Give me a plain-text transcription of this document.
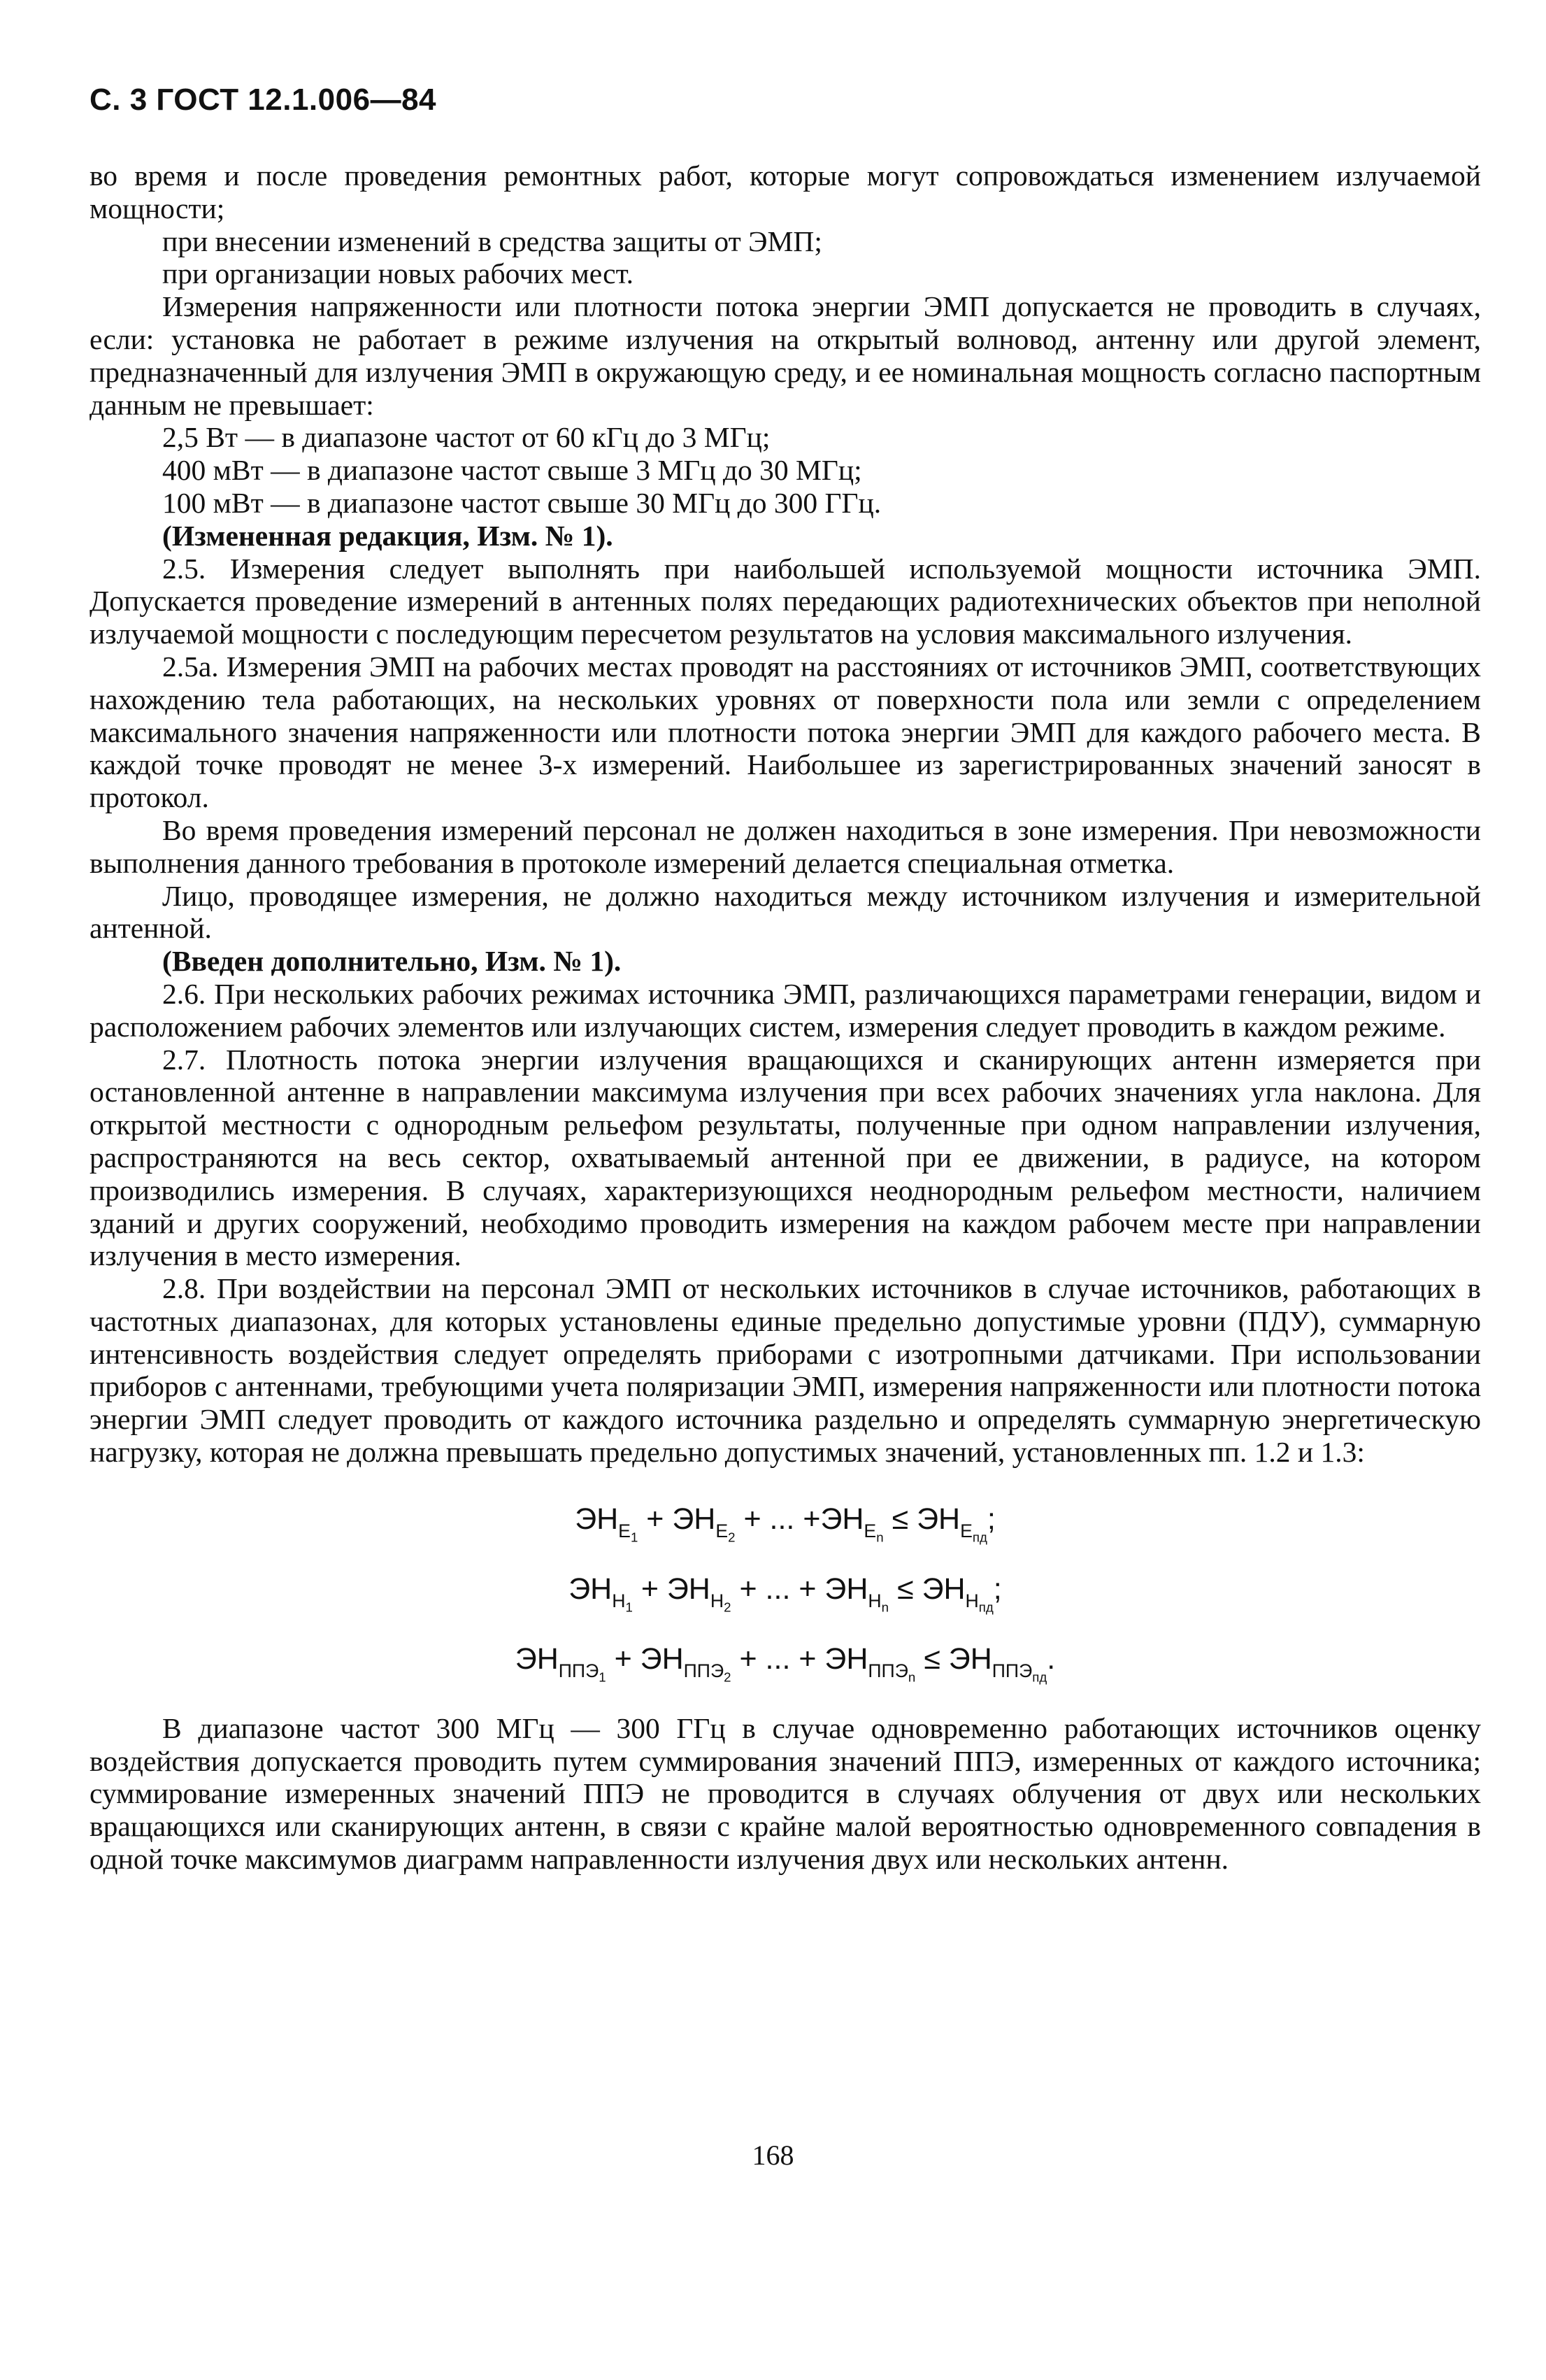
С. 3 ГОСТ 12.1.006—84

во время и после проведения ремонтных работ, которые могут сопровождаться изменением излучаемой мощности;

при внесении изменений в средства защиты от ЭМП;

при организации новых рабочих мест.

Измерения напряженности или плотности потока энергии ЭМП допускается не проводить в случаях, если: установка не работает в режиме излучения на открытый волновод, антенну или другой элемент, предназначенный для излучения ЭМП в окружающую среду, и ее номинальная мощность согласно паспортным данным не превышает:

2,5 Вт — в диапазоне частот от 60 кГц до 3 МГц;

400 мВт — в диапазоне частот свыше 3 МГц до 30 МГц;

100 мВт — в диапазоне частот свыше 30 МГц до 300 ГГц.

(Измененная редакция, Изм. № 1).

2.5. Измерения следует выполнять при наибольшей используемой мощности источника ЭМП. Допускается проведение измерений в антенных полях передающих радиотехнических объектов при неполной излучаемой мощности с последующим пересчетом результатов на условия максимального излучения.

2.5а. Измерения ЭМП на рабочих местах проводят на расстояниях от источников ЭМП, соответствующих нахождению тела работающих, на нескольких уровнях от поверхности пола или земли с определением максимального значения напряженности или плотности потока энергии ЭМП для каждого рабочего места. В каждой точке проводят не менее 3-х измерений. Наибольшее из зарегистрированных значений заносят в протокол.

Во время проведения измерений персонал не должен находиться в зоне измерения. При невозможности выполнения данного требования в протоколе измерений делается специальная отметка.

Лицо, проводящее измерения, не должно находиться между источником излучения и измерительной антенной.

(Введен дополнительно, Изм. № 1).

2.6. При нескольких рабочих режимах источника ЭМП, различающихся параметрами генерации, видом и расположением рабочих элементов или излучающих систем, измерения следует проводить в каждом режиме.

2.7. Плотность потока энергии излучения вращающихся и сканирующих антенн измеряется при остановленной антенне в направлении максимума излучения при всех рабочих значениях угла наклона. Для открытой местности с однородным рельефом результаты, полученные при одном направлении излучения, распространяются на весь сектор, охватываемый антенной при ее движении, в радиусе, на котором производились измерения. В случаях, характеризующихся неоднородным рельефом местности, наличием зданий и других сооружений, необходимо проводить измерения на каждом рабочем месте при направлении излучения в место измерения.

2.8. При воздействии на персонал ЭМП от нескольких источников в случае источников, работающих в частотных диапазонах, для которых установлены единые предельно допустимые уровни (ПДУ), суммарную интенсивность воздействия следует определять приборами с изотропными датчиками. При использовании приборов с антеннами, требующими учета поляризации ЭМП, измерения напряженности или плотности потока энергии ЭМП следует проводить от каждого источника раздельно и определять суммарную энергетическую нагрузку, которая не должна превышать предельно допустимых значений, установленных пп. 1.2 и 1.3:

$ЭН_{E_1} + ЭН_{E_2}$ + ... $+ЭН_{E_n} \le ЭН_{E_{пд}}$;
$ЭН_{H_1} + ЭН_{H_2}$ + ... + $ЭН_{H_n} \le ЭН_{H_{пд}}$;
$ЭН_{ППЭ_1} + ЭН_{ППЭ_2}$ + ... + $ЭН_{ППЭ_n} \le ЭН_{ППЭ_{пд}}$.

В диапазоне частот 300 МГц — 300 ГГц в случае одновременно работающих источников оценку воздействия допускается проводить путем суммирования значений ППЭ, измеренных от каждого источника; суммирование измеренных значений ППЭ не проводится в случаях облучения от двух или нескольких вращающихся или сканирующих антенн, в связи с крайне малой вероятностью одновременного совпадения в одной точке максимумов диаграмм направленности излучения двух или нескольких антенн.

168
